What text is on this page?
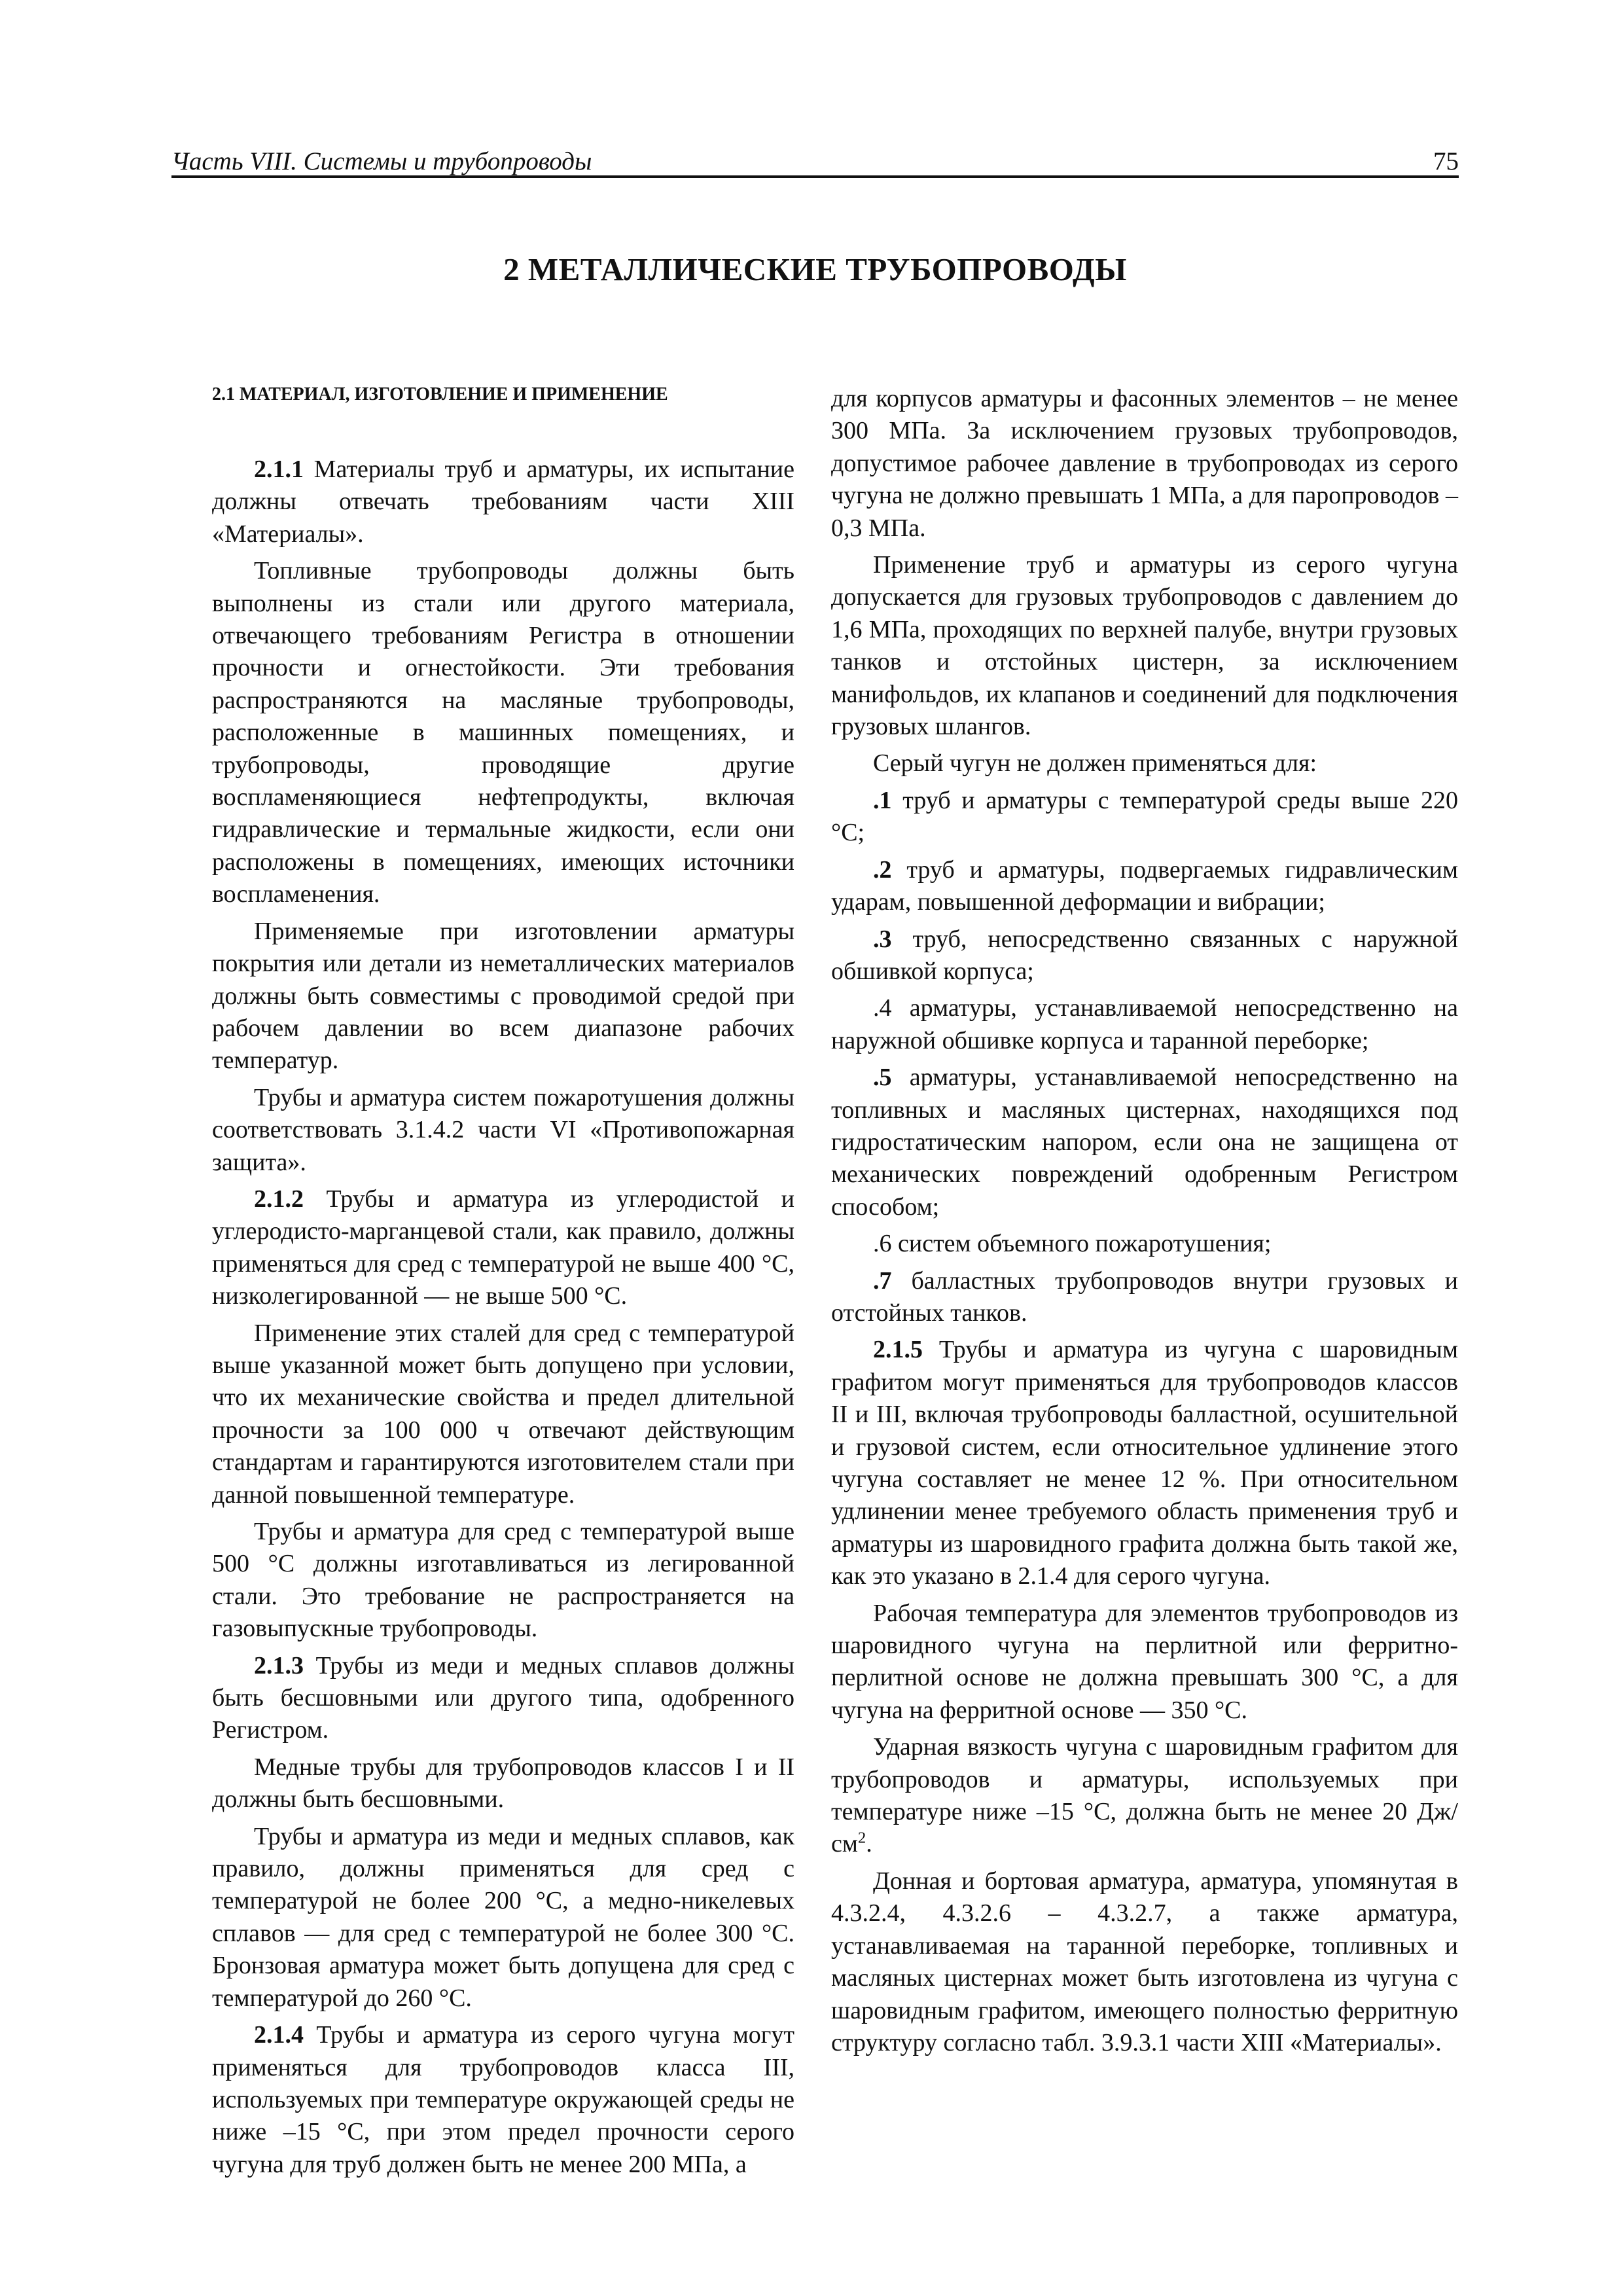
Часть VIII. Системы и трубопроводы	75
2 МЕТАЛЛИЧЕСКИЕ ТРУБОПРОВОДЫ
2.1 МАТЕРИАЛ, ИЗГОТОВЛЕНИЕ И ПРИМЕНЕНИЕ
2.1.1 Материалы труб и арматуры, их испытание должны отвечать требованиям части XIII «Материалы».
Топливные трубопроводы должны быть выполнены из стали или другого материала, отвечающего требованиям Регистра в отношении прочности и огнестойкости. Эти требования распространяются на масляные трубопроводы, расположенные в машинных помещениях, и трубопроводы, проводящие другие воспламеняющиеся нефтепродукты, включая гидравлические и термальные жидкости, если они расположены в помещениях, имеющих источники воспламенения.
Применяемые при изготовлении арматуры покрытия или детали из неметаллических материалов должны быть совместимы с проводимой средой при рабочем давлении во всем диапазоне рабочих температур.
Трубы и арматура систем пожаротушения должны соответствовать 3.1.4.2 части VI «Противопожарная защита».
2.1.2 Трубы и арматура из углеродистой и углеродисто-марганцевой стали, как правило, должны применяться для сред с температурой не выше 400 °С, низколегированной — не выше 500 °С.
Применение этих сталей для сред с температурой выше указанной может быть допущено при условии, что их механические свойства и предел длительной прочности за 100 000 ч отвечают действующим стандартам и гарантируются изготовителем стали при данной повышенной температуре.
Трубы и арматура для сред с температурой выше 500 °С должны изготавливаться из легированной стали. Это требование не распространяется на газовыпускные трубопроводы.
2.1.3 Трубы из меди и медных сплавов должны быть бесшовными или другого типа, одобренного Регистром.
Медные трубы для трубопроводов классов I и II должны быть бесшовными.
Трубы и арматура из меди и медных сплавов, как правило, должны применяться для сред с температурой не более 200 °С, а медно-никелевых сплавов — для сред с температурой не более 300 °С. Бронзовая арматура может быть допущена для сред с температурой до 260 °С.
2.1.4 Трубы и арматура из серого чугуна могут применяться для трубопроводов класса III, используемых при температуре окружающей среды не ниже –15 °С, при этом предел прочности серого чугуна для труб должен быть не менее 200 МПа, а
для корпусов арматуры и фасонных элементов – не менее 300 МПа. За исключением грузовых трубопроводов, допустимое рабочее давление в трубопроводах из серого чугуна не должно превышать 1 МПа, а для паропроводов – 0,3 МПа.
Применение труб и арматуры из серого чугуна допускается для грузовых трубопроводов с давлением до 1,6 МПа, проходящих по верхней палубе, внутри грузовых танков и отстойных цистерн, за исключением манифольдов, их клапанов и соединений для подключения грузовых шлангов.
Серый чугун не должен применяться для:
.1 труб и арматуры с температурой среды выше 220 °С;
.2 труб и арматуры, подвергаемых гидравлическим ударам, повышенной деформации и вибрации;
.3 труб, непосредственно связанных с наружной обшивкой корпуса;
.4 арматуры, устанавливаемой непосредственно на наружной обшивке корпуса и таранной переборке;
.5 арматуры, устанавливаемой непосредственно на топливных и масляных цистернах, находящихся под гидростатическим напором, если она не защищена от механических повреждений одобренным Регистром способом;
.6 систем объемного пожаротушения;
.7 балластных трубопроводов внутри грузовых и отстойных танков.
2.1.5 Трубы и арматура из чугуна с шаровидным графитом могут применяться для трубопроводов классов II и III, включая трубопроводы балластной, осушительной и грузовой систем, если относительное удлинение этого чугуна составляет не менее 12 %. При относительном удлинении менее требуемого область применения труб и арматуры из шаровидного графита должна быть такой же, как это указано в 2.1.4 для серого чугуна.
Рабочая температура для элементов трубопроводов из шаровидного чугуна на перлитной или ферритно-перлитной основе не должна превышать 300 °С, а для чугуна на ферритной основе — 350 °С.
Ударная вязкость чугуна с шаровидным графитом для трубопроводов и арматуры, используемых при температуре ниже –15 °С, должна быть не менее 20 $Дж/см^2$.
Донная и бортовая арматура, арматура, упомянутая в 4.3.2.4, 4.3.2.6 – 4.3.2.7, а также арматура, устанавливаемая на таранной переборке, топливных и масляных цистернах может быть изготовлена из чугуна с шаровидным графитом, имеющего полностью ферритную структуру согласно табл. 3.9.3.1 части XIII «Материалы».
